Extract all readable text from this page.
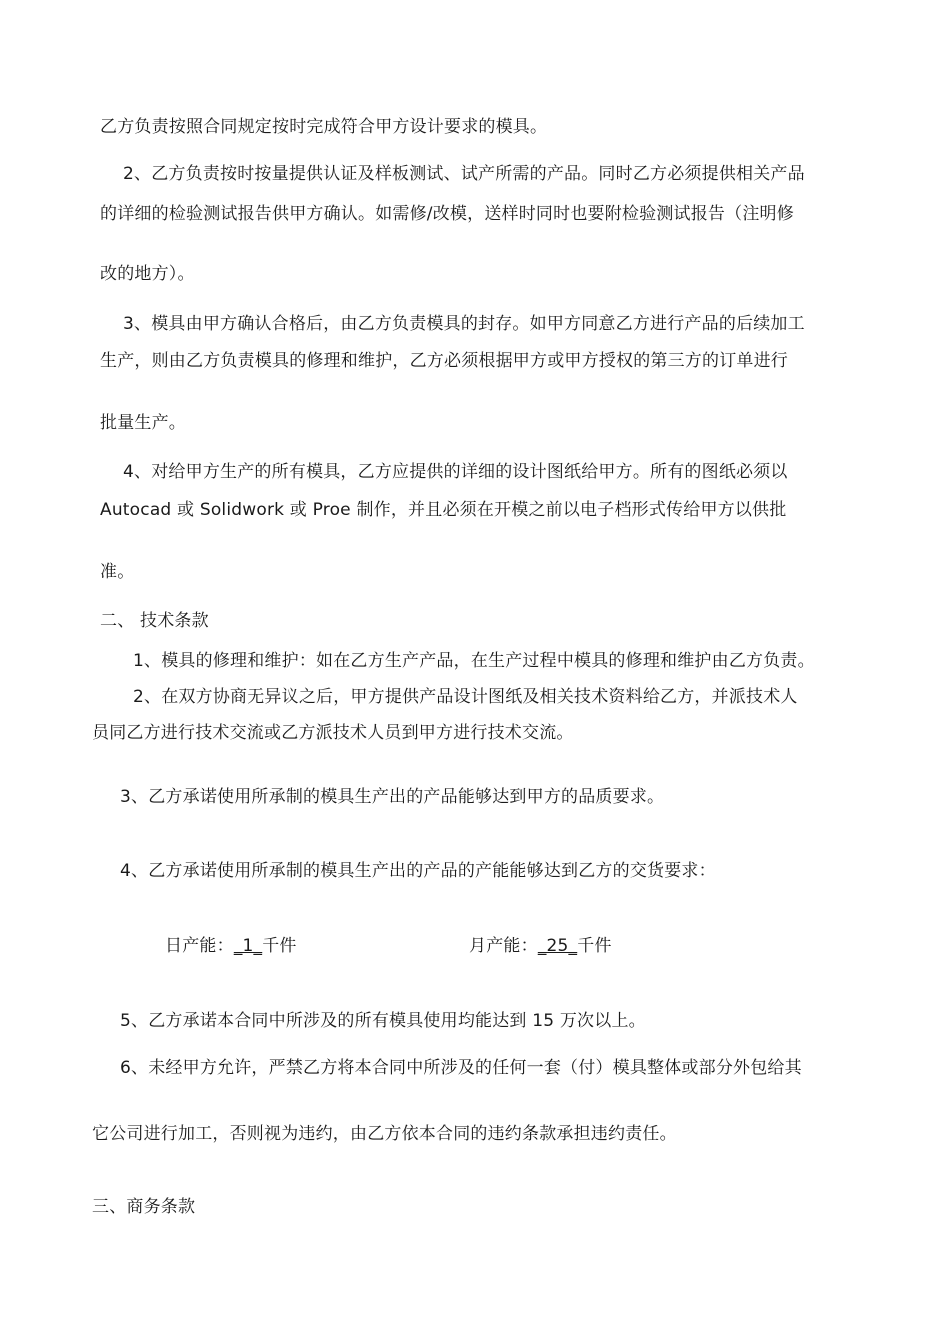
乙方负责按照合同规定按时完成符合甲方设计要求的模具。
2、乙方负责按时按量提供认证及样板测试、试产所需的产品。同时乙方必须提供相关产品
的详细的检验测试报告供甲方确认。如需修/改模，送样时同时也要附检验测试报告（注明修
改的地方）。
3、模具由甲方确认合格后，由乙方负责模具的封存。如甲方同意乙方进行产品的后续加工
生产，则由乙方负责模具的修理和维护，乙方必须根据甲方或甲方授权的第三方的订单进行
批量生产。
4、对给甲方生产的所有模具，乙方应提供的详细的设计图纸给甲方。所有的图纸必须以
Autocad 或 Solidwork 或 Proe 制作，并且必须在开模之前以电子档形式传给甲方以供批
准。
二、 技术条款
1、模具的修理和维护：如在乙方生产产品，在生产过程中模具的修理和维护由乙方负责。
2、在双方协商无异议之后，甲方提供产品设计图纸及相关技术资料给乙方，并派技术人
员同乙方进行技术交流或乙方派技术人员到甲方进行技术交流。
3、乙方承诺使用所承制的模具生产出的产品能够达到甲方的品质要求。
4、乙方承诺使用所承制的模具生产出的产品的产能能够达到乙方的交货要求：
日产能：_1_千件	月产能：_25_千件
5、乙方承诺本合同中所涉及的所有模具使用均能达到 15 万次以上。
6、未经甲方允许，严禁乙方将本合同中所涉及的任何一套（付）模具整体或部分外包给其
它公司进行加工，否则视为违约，由乙方依本合同的违约条款承担违约责任。
三、商务条款
